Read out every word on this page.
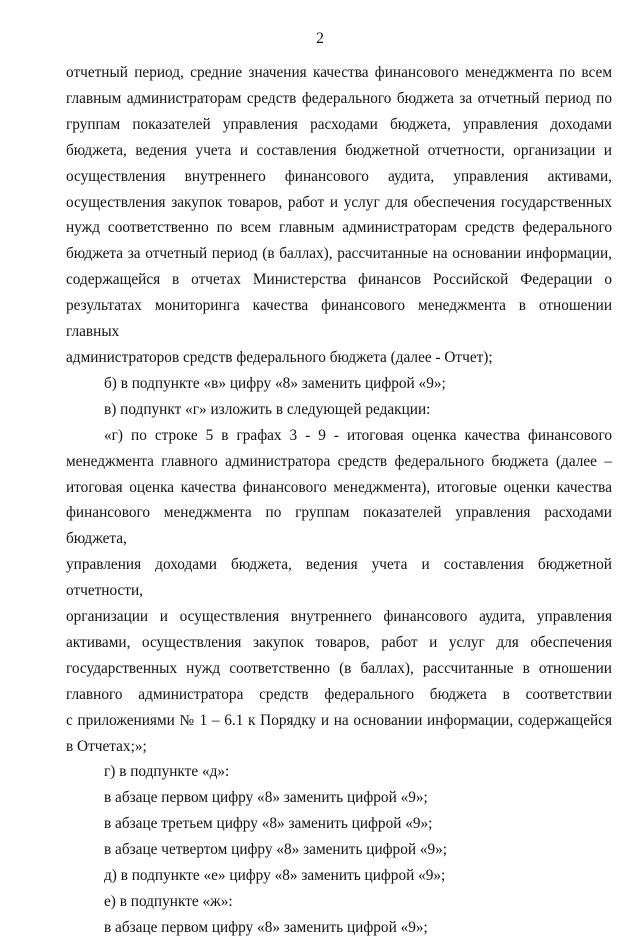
2
отчетный период, средние значения качества финансового менеджмента по всем
главным администраторам средств федерального бюджета за отчетный период по
группам показателей управления расходами бюджета, управления доходами
бюджета, ведения учета и составления бюджетной отчетности, организации и
осуществления внутреннего финансового аудита, управления активами,
осуществления закупок товаров, работ и услуг для обеспечения государственных
нужд соответственно по всем главным администраторам средств федерального
бюджета за отчетный период (в баллах), рассчитанные на основании информации,
содержащейся в отчетах Министерства финансов Российской Федерации о
результатах мониторинга качества финансового менеджмента в отношении главных
администраторов средств федерального бюджета (далее - Отчет);
б) в подпункте «в» цифру «8» заменить цифрой «9»;
в) подпункт «г» изложить в следующей редакции:
«г) по строке 5 в графах 3 - 9 - итоговая оценка качества финансового
менеджмента главного администратора средств федерального бюджета (далее –
итоговая оценка качества финансового менеджмента), итоговые оценки качества
финансового менеджмента по группам показателей управления расходами бюджета,
управления доходами бюджета, ведения учета и составления бюджетной отчетности,
организации и осуществления внутреннего финансового аудита, управления
активами, осуществления закупок товаров, работ и услуг для обеспечения
государственных нужд соответственно (в баллах), рассчитанные в отношении
главного администратора средств федерального бюджета в соответствии
с приложениями № 1 – 6.1 к Порядку и на основании информации, содержащейся
в Отчетах;»;
г) в подпункте «д»:
в абзаце первом цифру «8» заменить цифрой «9»;
в абзаце третьем цифру «8» заменить цифрой «9»;
в абзаце четвертом цифру «8» заменить цифрой «9»;
д) в подпункте «е» цифру «8» заменить цифрой «9»;
е) в подпункте «ж»:
в абзаце первом цифру «8» заменить цифрой «9»;
